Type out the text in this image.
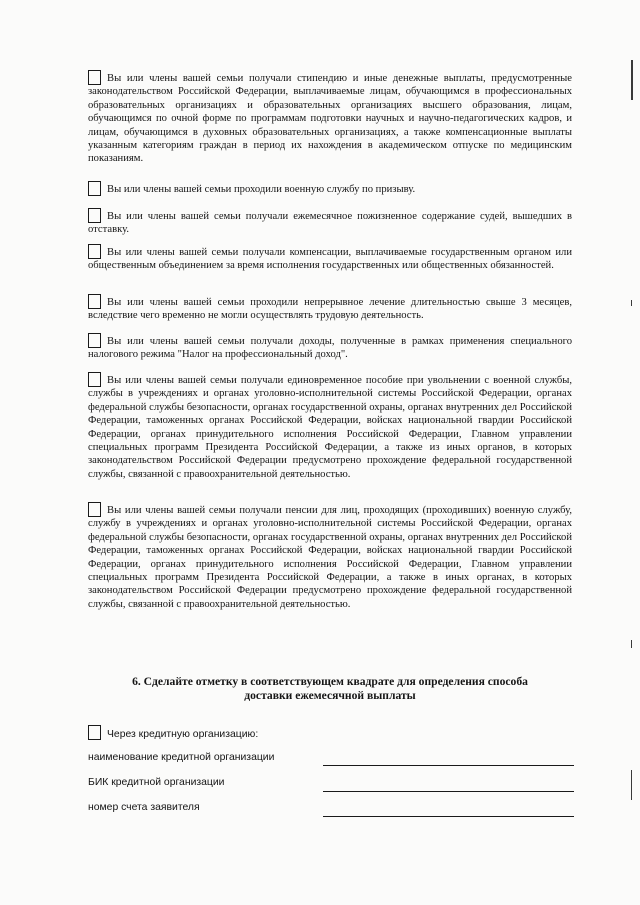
Вы или члены вашей семьи получали стипендию и иные денежные выплаты, предусмотренные законодательством Российской Федерации, выплачиваемые лицам, обучающимся в профессиональных образовательных организациях и образовательных организациях высшего образования, лицам, обучающимся по очной форме по программам подготовки научных и научно-педагогических кадров, и лицам, обучающимся в духовных образовательных организациях, а также компенсационные выплаты указанным категориям граждан в период их нахождения в академическом отпуске по медицинским показаниям.
Вы или члены вашей семьи проходили военную службу по призыву.
Вы или члены вашей семьи получали ежемесячное пожизненное содержание судей, вышедших в отставку.
Вы или члены вашей семьи получали компенсации, выплачиваемые государственным органом или общественным объединением за время исполнения государственных или общественных обязанностей.
Вы или члены вашей семьи проходили непрерывное лечение длительностью свыше 3 месяцев, вследствие чего временно не могли осуществлять трудовую деятельность.
Вы или члены вашей семьи получали доходы, полученные в рамках применения специального налогового режима "Налог на профессиональный доход".
Вы или члены вашей семьи получали единовременное пособие при увольнении с военной службы, службы в учреждениях и органах уголовно-исполнительной системы Российской Федерации, органах федеральной службы безопасности, органах государственной охраны, органах внутренних дел Российской Федерации, таможенных органах Российской Федерации, войсках национальной гвардии Российской Федерации, органах принудительного исполнения Российской Федерации, Главном управлении специальных программ Президента Российской Федерации, а также из иных органов, в которых законодательством Российской Федерации предусмотрено прохождение федеральной государственной службы, связанной с правоохранительной деятельностью.
Вы или члены вашей семьи получали пенсии для лиц, проходящих (проходивших) военную службу, службу в учреждениях и органах уголовно-исполнительной системы Российской Федерации, органах федеральной службы безопасности, органах государственной охраны, органах внутренних дел Российской Федерации, таможенных органах Российской Федерации, войсках национальной гвардии Российской Федерации, органах принудительного исполнения Российской Федерации, Главном управлении специальных программ Президента Российской Федерации, а также в иных органах, в которых законодательством Российской Федерации предусмотрено прохождение федеральной государственной службы, связанной с правоохранительной деятельностью.
6. Сделайте отметку в соответствующем квадрате для определения способа
доставки ежемесячной выплаты
Через кредитную организацию:
наименование кредитной организации
БИК кредитной организации
номер счета заявителя
